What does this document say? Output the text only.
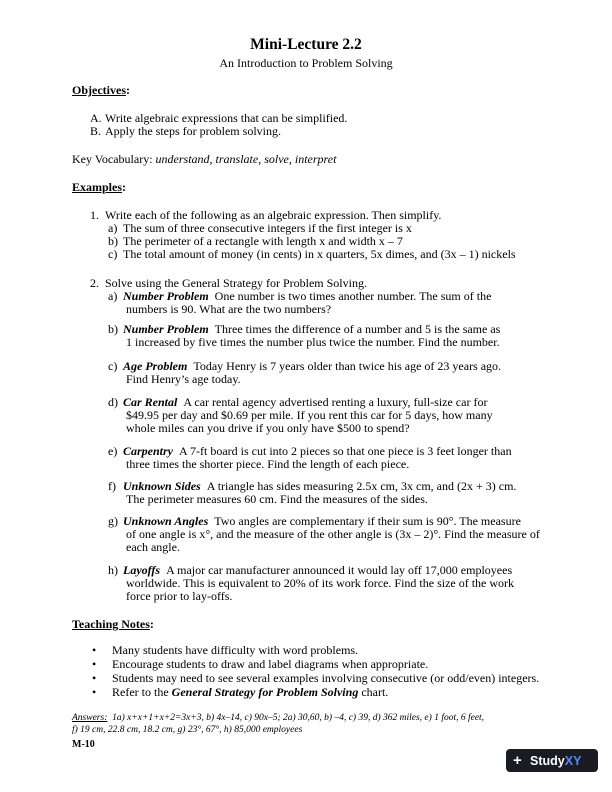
Mini-Lecture 2.2
An Introduction to Problem Solving
Objectives:
A. Write algebraic expressions that can be simplified.
B. Apply the steps for problem solving.
Key Vocabulary: understand, translate, solve, interpret
Examples:
1. Write each of the following as an algebraic expression. Then simplify.
a) The sum of three consecutive integers if the first integer is x
b) The perimeter of a rectangle with length x and width x – 7
c) The total amount of money (in cents) in x quarters, 5x dimes, and (3x – 1) nickels
2. Solve using the General Strategy for Problem Solving.
a) Number Problem One number is two times another number. The sum of the
numbers is 90. What are the two numbers?
b) Number Problem Three times the difference of a number and 5 is the same as
1 increased by five times the number plus twice the number. Find the number.
c) Age Problem Today Henry is 7 years older than twice his age of 23 years ago.
Find Henry’s age today.
d) Car Rental A car rental agency advertised renting a luxury, full-size car for
$49.95 per day and $0.69 per mile. If you rent this car for 5 days, how many
whole miles can you drive if you only have $500 to spend?
e) Carpentry A 7-ft board is cut into 2 pieces so that one piece is 3 feet longer than
three times the shorter piece. Find the length of each piece.
f) Unknown Sides A triangle has sides measuring 2.5x cm, 3x cm, and (2x + 3) cm.
The perimeter measures 60 cm. Find the measures of the sides.
g) Unknown Angles Two angles are complementary if their sum is 90°. The measure
of one angle is x°, and the measure of the other angle is (3x – 2)°. Find the measure of
each angle.
h) Layoffs A major car manufacturer announced it would lay off 17,000 employees
worldwide. This is equivalent to 20% of its work force. Find the size of the work
force prior to lay-offs.
Teaching Notes:
• Many students have difficulty with word problems.
• Encourage students to draw and label diagrams when appropriate.
• Students may need to see several examples involving consecutive (or odd/even) integers.
• Refer to the General Strategy for Problem Solving chart.
Answers: 1a) x+x+1+x+2=3x+3, b) 4x–14, c) 90x–5; 2a) 30,60, b) –4, c) 39, d) 362 miles, e) 1 foot, 6 feet,
f) 19 cm, 22.8 cm, 18.2 cm, g) 23°, 67°, h) 85,000 employees
M-10
+ StudyXY
